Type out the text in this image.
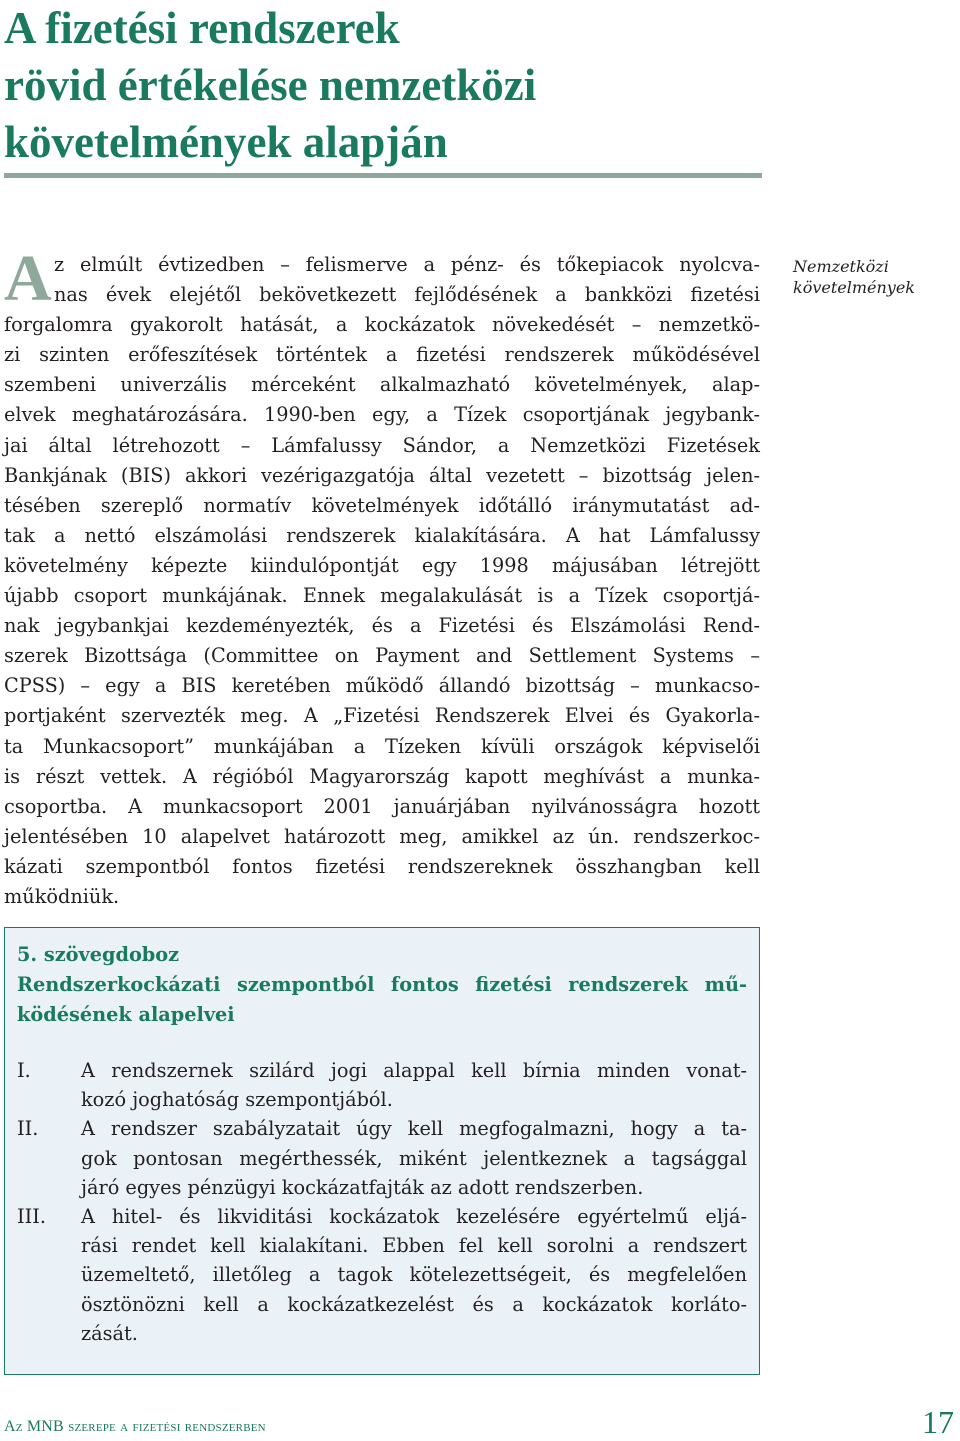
A fizetési rendszerek
rövid értékelése nemzetközi
követelmények alapján
Nemzetközi
követelmények
A z elmúlt évtizedben – felismerve a pénz- és tőkepiacok nyolcva-
nas évek elejétől bekövetkezett fejlődésének a bankközi fizetési
forgalomra gyakorolt hatását, a kockázatok növekedését – nemzetkö-
zi szinten erőfeszítések történtek a fizetési rendszerek működésével
szembeni univerzális mérceként alkalmazható követelmények, alap-
elvek meghatározására. 1990-ben egy, a Tízek csoportjának jegybank-
jai által létrehozott – Lámfalussy Sándor, a Nemzetközi Fizetések
Bankjának (BIS) akkori vezérigazgatója által vezetett – bizottság jelen-
tésében szereplő normatív követelmények időtálló iránymutatást ad-
tak a nettó elszámolási rendszerek kialakítására. A hat Lámfalussy
követelmény képezte kiindulópontját egy 1998 májusában létrejött
újabb csoport munkájának. Ennek megalakulását is a Tízek csoportjá-
nak jegybankjai kezdeményezték, és a Fizetési és Elszámolási Rend-
szerek Bizottsága (Committee on Payment and Settlement Systems –
CPSS) – egy a BIS keretében működő állandó bizottság – munkacso-
portjaként szervezték meg. A „Fizetési Rendszerek Elvei és Gyakorla-
ta Munkacsoport” munkájában a Tízeken kívüli országok képviselői
is részt vettek. A régióból Magyarország kapott meghívást a munka-
csoportba. A munkacsoport 2001 januárjában nyilvánosságra hozott
jelentésében 10 alapelvet határozott meg, amikkel az ún. rendszerkoc-
kázati szempontból fontos fizetési rendszereknek összhangban kell
működniük.
5. szövegdoboz
Rendszerkockázati szempontból fontos fizetési rendszerek mű-
ködésének alapelvei
I.	A rendszernek szilárd jogi alappal kell bírnia minden vonat-
kozó joghatóság szempontjából.
II.	A rendszer szabályzatait úgy kell megfogalmazni, hogy a ta-
gok pontosan megérthessék, miként jelentkeznek a tagsággal
járó egyes pénzügyi kockázatfajták az adott rendszerben.
III.	A hitel- és likviditási kockázatok kezelésére egyértelmű eljá-
rási rendet kell kialakítani. Ebben fel kell sorolni a rendszert
üzemeltető, illetőleg a tagok kötelezettségeit, és megfelelően
ösztönözni kell a kockázatkezelést és a kockázatok korláto-
zását.
Az MNB szerepe a fizetési rendszerben	17
